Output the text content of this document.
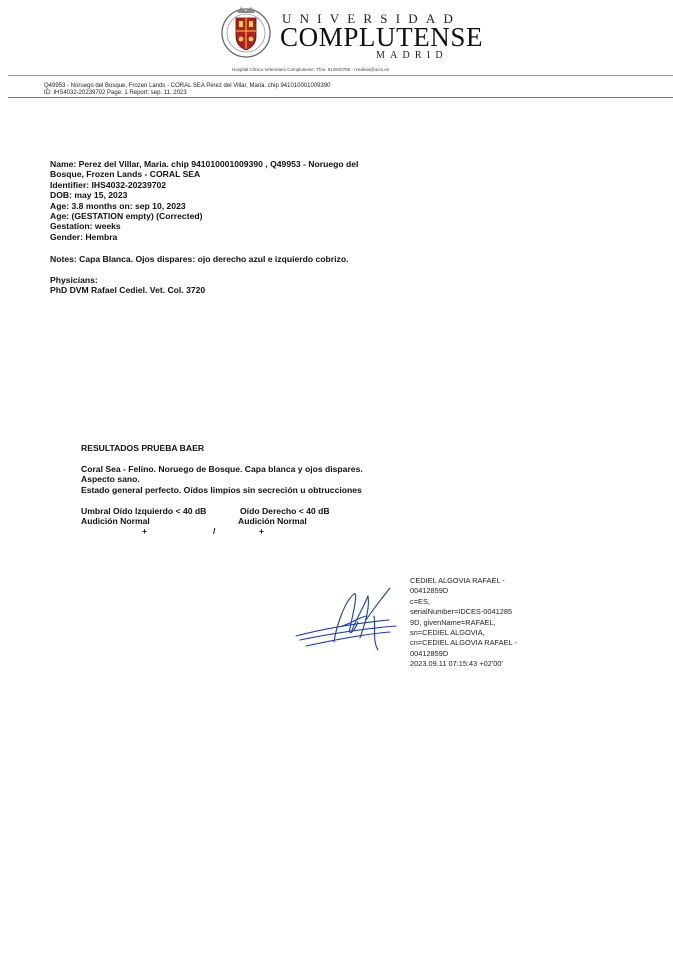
UNIVERSIDAD
COMPLUTENSE
MADRID
Hospital Clínico Veterinario Complutense. Tfno: 913943755 · rcediela@ucm.es
Q49953 - Noruego del Bosque, Frozen Lands - CORAL SEA Perez del Villar, Maria. chip 941010001009390
ID: IHS4032-20239702 Page: 1 Report: sep. 11, 2023
Name: Perez del Villar, Maria. chip 941010001009390 , Q49953 - Noruego del
Bosque, Frozen Lands - CORAL SEA
Identifier: IHS4032-20239702
DOB: may 15, 2023
Age: 3.8 months on: sep 10, 2023
Age: (GESTATION empty) (Corrected)
Gestation: weeks
Gender: Hembra
Notes: Capa Blanca. Ojos dispares: ojo derecho azul e izquierdo cobrizo.
Physicians:
PhD DVM Rafael Cediel. Vet. Col. 3720
RESULTADOS PRUEBA BAER
Coral Sea - Felino. Noruego de Bosque. Capa blanca y ojos dispares.
Aspecto sano.
Estado general perfecto. Oídos limpios sin secreción u obtrucciones
Umbral Oído Izquierdo < 40 dB
Audición Normal
Oído Derecho < 40 dB
Audición Normal
+	/	+
CEDIEL ALGOVIA RAFAEL -
00412859D
c=ES,
serialNumber=IDCES-0041285
9D, givenName=RAFAEL,
sn=CEDIEL ALGOVIA,
cn=CEDIEL ALGOVIA RAFAEL -
00412859D
2023.09.11 07:15:43 +02'00'
